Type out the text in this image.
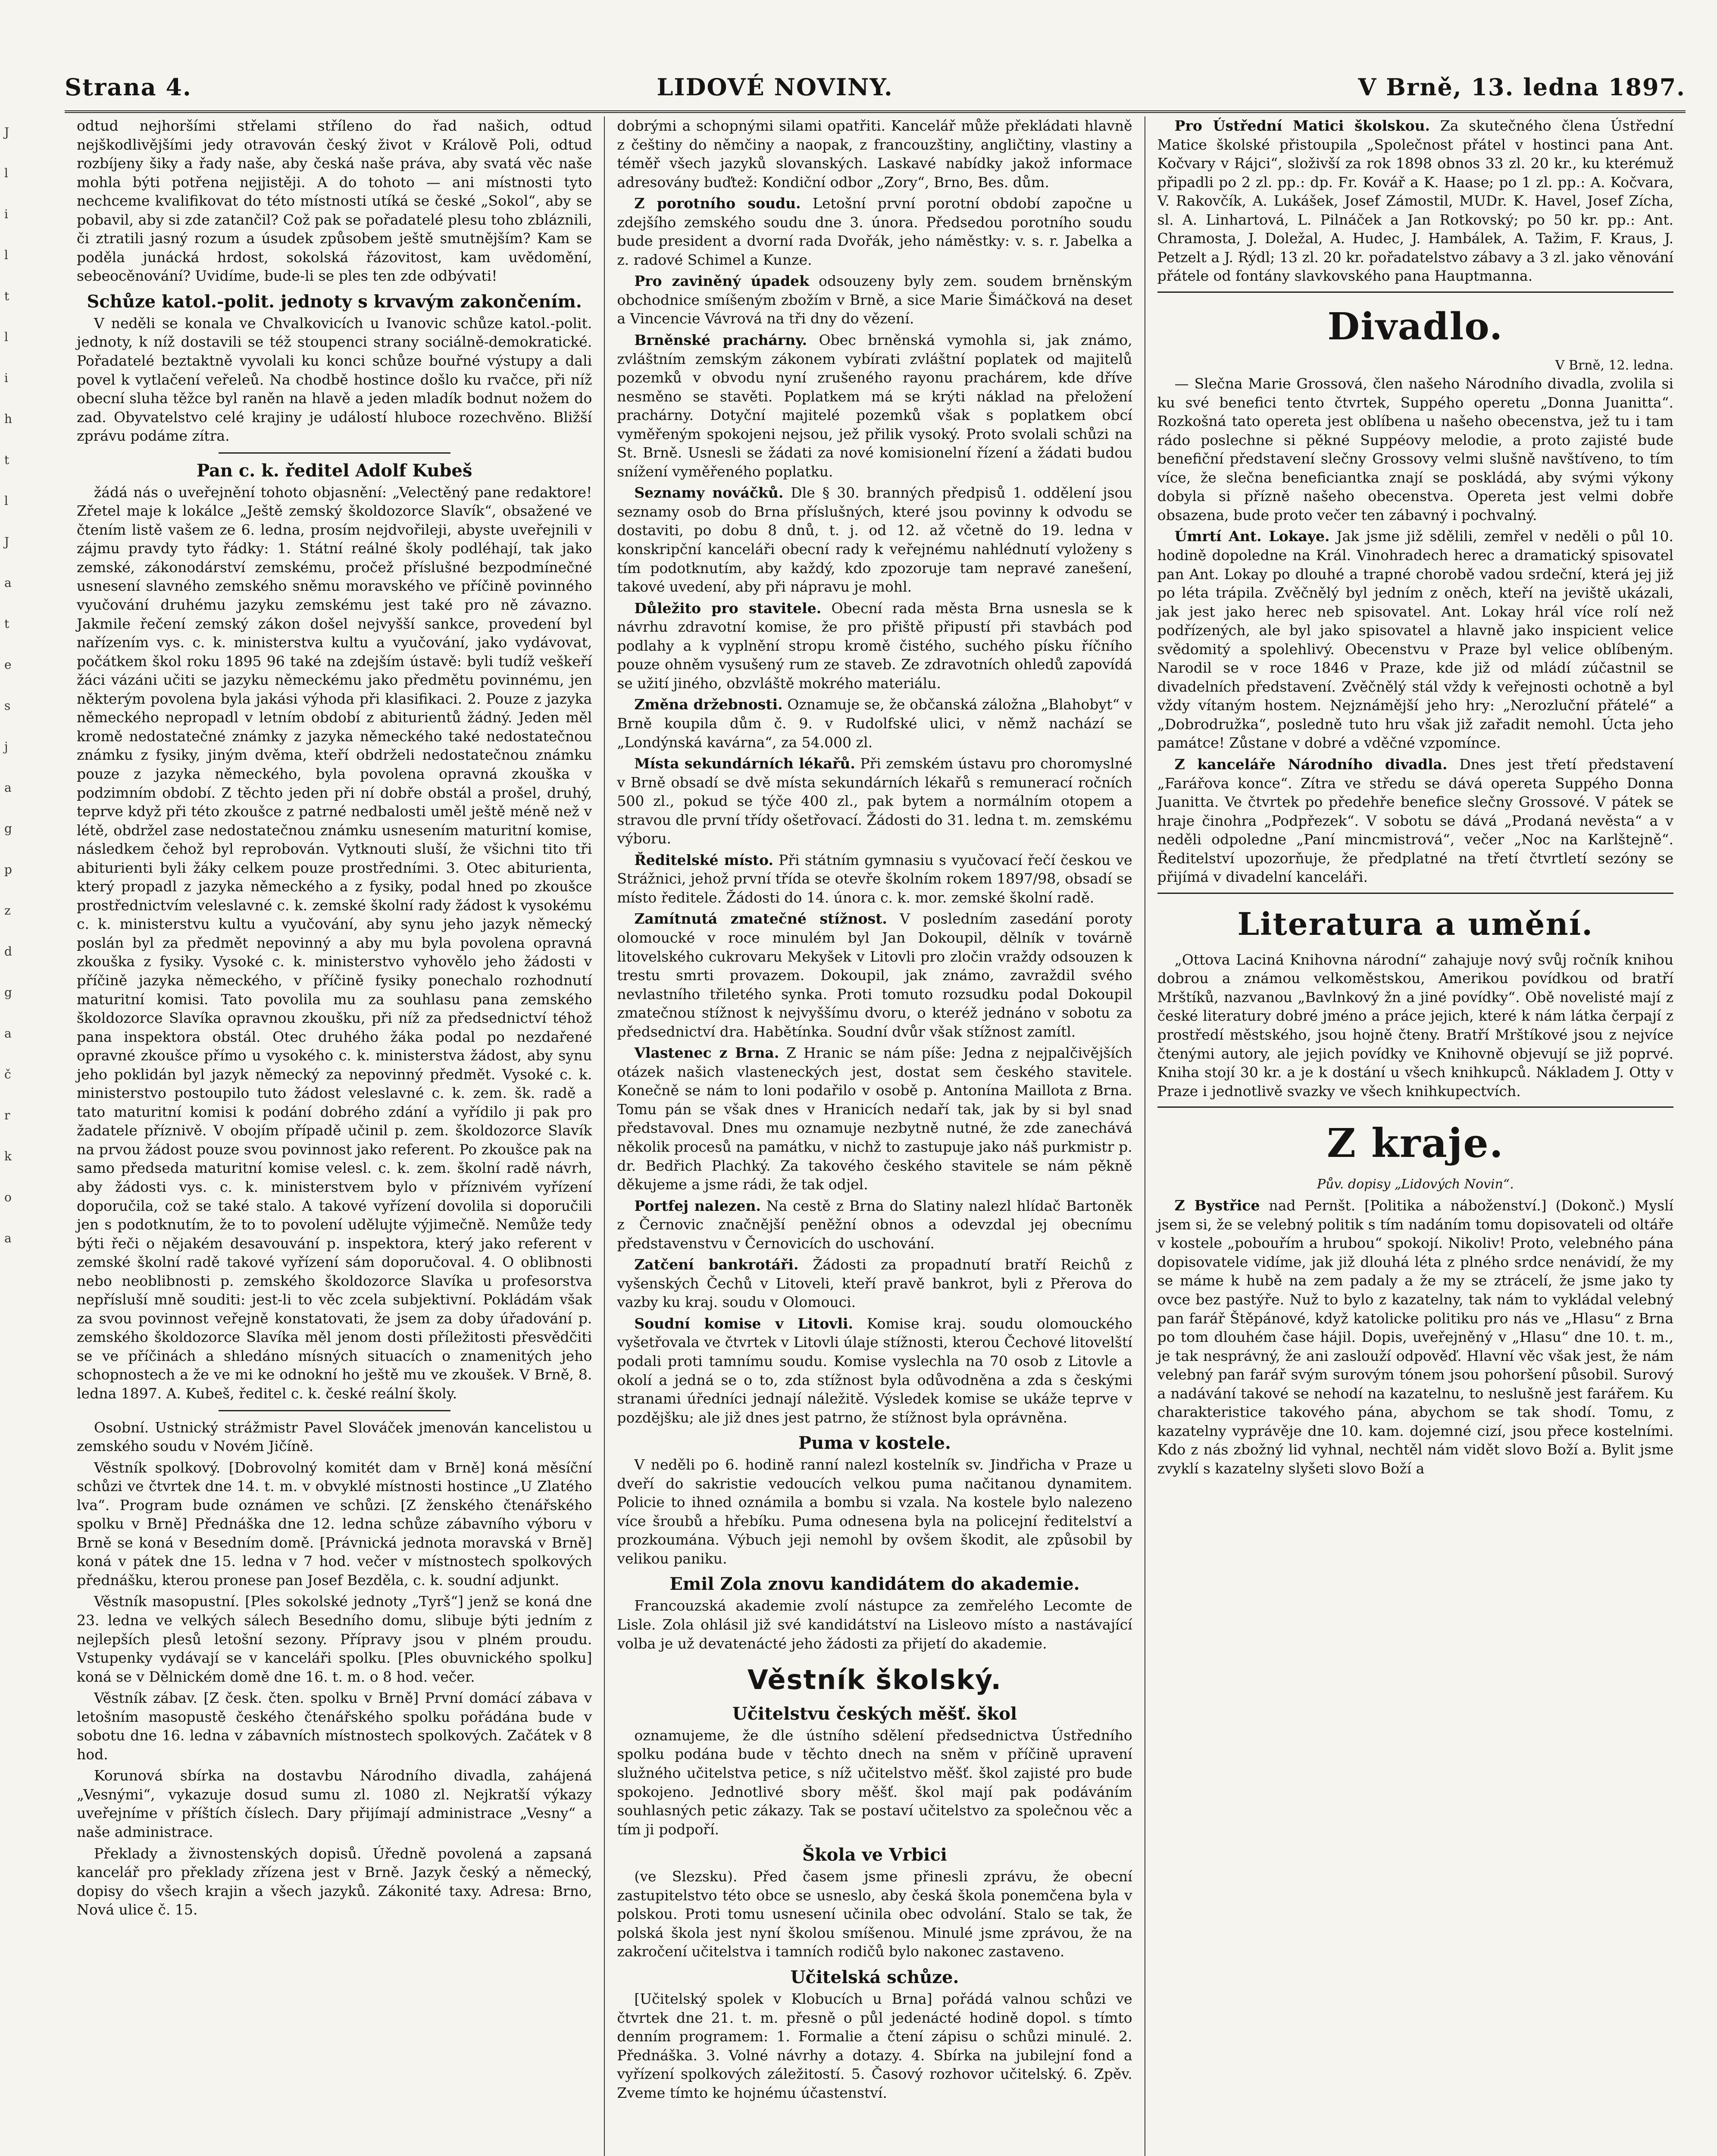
Strana 4.	LIDOVÉ NOVINY.	V Brně, 13. ledna 1897.

odtud nejhoršími střelami stříleno do řad našich, odtud nejškodlivějšími jedy otravován český život v Králově Poli, odtud rozbíjeny šiky a řady naše, aby česká naše práva, aby svatá věc naše mohla býti potřena nejjistěji. A do tohoto — ani místnosti tyto nechceme kvalifikovat do této místnosti utíká se české „Sokol“, aby se pobavil, aby si zde zatančil? Což pak se pořadatelé plesu toho zbláznili, či ztratili jasný rozum a úsudek způsobem ještě smutnějším? Kam se poděla junácká hrdost, sokolská řázovitost, kam uvědomění, sebeocěnování? Uvidíme, bude-li se ples ten zde odbývati!

Schůze katol.-polit. jednoty s krvavým zakončením.

V neděli se konala ve Chvalkovicích u Ivanovic schůze katol.-polit. jednoty, k níž dostavili se též stoupenci strany sociálně-demokratické. Pořadatelé beztaktně vyvolali ku konci schůze bouřné výstupy a dali povel k vytlačení veřeleů. Na chodbě hostince došlo ku rvačce, při níž obecní sluha těžce byl raněn na hlavě a jeden mladík bodnut nožem do zad. Obyvatelstvo celé krajiny je událostí hluboce rozechvěno. Bližší zprávu podáme zítra.

Pan c. k. ředitel Adolf Kubeš

žádá nás o uveřejnění tohoto objasnění: „Velectěný pane redaktore! Zřetel maje k lokálce „Ještě zemský školdozorce Slavík“, obsažené ve čtením listě vašem ze 6. ledna, prosím nejdvořileji, abyste uveřejnili v zájmu pravdy tyto řádky: 1. Státní reálné školy podléhají, tak jako zemské, zákonodárství zemskému, pročež příslušné bezpodmínečné usnesení slavného zemského sněmu moravského ve příčině povinného vyučování druhému jazyku zemskému jest také pro ně závazno. Jakmile řečení zemský zákon došel nejvyšší sankce, provedení byl nařízením vys. c. k. ministerstva kultu a vyučování, jako vydávovat, počátkem škol roku 1895 96 také na zdejším ústavě: byli tudíž veškeří žáci vázáni učiti se jazyku německému jako předmětu povinnému, jen některým povolena byla jakási výhoda při klasifikaci. 2. Pouze z jazyka německého nepropadl v letním období z abiturientů žádný. Jeden měl kromě nedostatečné známky z jazyka německého také nedostatečnou známku z fysiky, jiným dvěma, kteří obdrželi nedostatečnou známku pouze z jazyka německého, byla povolena opravná zkouška v podzimním období. Z těchto jeden při ní dobře obstál a prošel, druhý, teprve když při této zkoušce z patrné nedbalosti uměl ještě méně než v létě, obdržel zase nedostatečnou známku usnesením maturitní komise, následkem čehož byl reprobován. Vytknouti sluší, že všichni tito tři abiturienti byli žáky celkem pouze prostředními. 3. Otec abiturienta, který propadl z jazyka německého a z fysiky, podal hned po zkoušce prostřednictvím veleslavné c. k. zemské školní rady žádost k vysokému c. k. ministerstvu kultu a vyučování, aby synu jeho jazyk německý poslán byl za předmět nepovinný a aby mu byla povolena opravná zkouška z fysiky. Vysoké c. k. ministerstvo vyhovělo jeho žádosti v příčině jazyka německého, v příčině fysiky ponechalo rozhodnutí maturitní komisi. Tato povolila mu za souhlasu pana zemského školdozorce Slavíka opravnou zkoušku, při níž za předsednictví téhož pana inspektora obstál. Otec druhého žáka podal po nezdařené opravné zkoušce přímo u vysokého c. k. ministerstva žádost, aby synu jeho poklidán byl jazyk německý za nepovinný předmět. Vysoké c. k. ministerstvo postoupilo tuto žádost veleslavné c. k. zem. šk. radě a tato maturitní komisi k podání dobrého zdání a vyřídilo ji pak pro žadatele příznivě. V obojím případě učinil p. zem. školdozorce Slavík na prvou žádost pouze svou povinnost jako referent. Po zkoušce pak na samo předseda maturitní komise velesl. c. k. zem. školní radě návrh, aby žádosti vys. c. k. ministerstvem bylo v příznivém vyřízení doporučila, což se také stalo. A takové vyřízení dovolila si doporučili jen s podotknutím, že to to povolení udělujte výjimečně. Nemůže tedy býti řeči o nějakém desavouvání p. inspektora, který jako referent v zemské školní radě takové vyřízení sám doporučoval. 4. O oblibnosti nebo neoblibnosti p. zemského školdozorce Slavíka u profesorstva nepřísluší mně souditi: jest-li to věc zcela subjektivní. Pokládám však za svou povinnost veřejně konstatovati, že jsem za doby úřadování p. zemského školdozorce Slavíka měl jenom dosti příležitosti přesvědčiti se ve příčinách a shledáno mísných situacích o znamenitých jeho schopnostech a že ve mi ke odnokní ho ještě mu ve zkoušek. V Brně, 8. ledna 1897. A. Kubeš, ředitel c. k. české reální školy.

Osobní. Ustnický strážmistr Pavel Slováček jmenován kancelistou u zemského soudu v Novém Jičíně.

Věstník spolkový. [Dobrovolný komitét dam v Brně] koná měsíční schůzi ve čtvrtek dne 14. t. m. v obvyklé místnosti hostince „U Zlatého lva“. Program bude oznámen ve schůzi. [Z ženského čtenářského spolku v Brně] Přednáška dne 12. ledna schůze zábavního výboru v Brně se koná v Besedním domě. [Právnická jednota moravská v Brně] koná v pátek dne 15. ledna v 7 hod. večer v místnostech spolkových přednášku, kterou pronese pan Josef Bezděla, c. k. soudní adjunkt.

Věstník masopustní. [Ples sokolské jednoty „Tyrš“] jenž se koná dne 23. ledna ve velkých sálech Besedního domu, slibuje býti jedním z nejlepších plesů letošní sezony. Přípravy jsou v plném proudu. Vstupenky vydávají se v kanceláři spolku. [Ples obuvnického spolku] koná se v Dělnickém domě dne 16. t. m. o 8 hod. večer.

Věstník zábav. [Z česk. čten. spolku v Brně] První domácí zábava v letošním masopustě českého čtenářského spolku pořádána bude v sobotu dne 16. ledna v zábavních místnostech spolkových. Začátek v 8 hod.

Korunová sbírka na dostavbu Národního divadla, zahájená „Vesnými“, vykazuje dosud sumu zl. 1080 zl. Nejkratší výkazy uveřejníme v příštích číslech. Dary přijímají administrace „Vesny“ a naše administrace.

Překlady a živnostenských dopisů. Úředně povolená a zapsaná kancelář pro překlady zřízena jest v Brně. Jazyk český a německý, dopisy do všech krajin a všech jazyků. Zákonité taxy. Adresa: Brno, Nová ulice č. 15.

dobrými a schopnými silami opatřiti. Kancelář může překládati hlavně z češtiny do němčiny a naopak, z francouzštiny, angličtiny, vlastiny a téměř všech jazyků slovanských. Laskavé nabídky jakož informace adresovány buďtež: Kondiční odbor „Zory“, Brno, Bes. dům.

Z porotního soudu. Letošní první porotní období započne u zdejšího zemského soudu dne 3. února. Předsedou porotního soudu bude president a dvorní rada Dvořák, jeho náměstky: v. s. r. Jabelka a z. radové Schimel a Kunze.

Pro zaviněný úpadek odsouzeny byly zem. soudem brněnským obchodnice smíšeným zbožím v Brně, a sice Marie Šimáčková na deset a Vincencie Vávrová na tři dny do vězení.

Brněnské prachárny. Obec brněnská vymohla si, jak známo, zvláštním zemským zákonem vybírati zvláštní poplatek od majitelů pozemků v obvodu nyní zrušeného rayonu prachárem, kde dříve nesměno se stavěti. Poplatkem má se krýti náklad na přeložení prachárny. Dotyční majitelé pozemků však s poplatkem obcí vyměřeným spokojeni nejsou, jež přilik vysoký. Proto svolali schůzi na St. Brně. Usnesli se žádati za nové komisionelní řízení a žádati budou snížení vyměřeného poplatku.

Seznamy nováčků. Dle § 30. branných předpisů 1. oddělení jsou seznamy osob do Brna příslušných, které jsou povinny k odvodu se dostaviti, po dobu 8 dnů, t. j. od 12. až včetně do 19. ledna v konskripční kanceláři obecní rady k veřejnému nahlédnutí vyloženy s tím podotknutím, aby každý, kdo zpozoruje tam nepravé zanešení, takové uvedení, aby při nápravu je mohl.

Důležito pro stavitele. Obecní rada města Brna usnesla se k návrhu zdravotní komise, že pro přiště připustí při stavbách pod podlahy a k vyplnění stropu kromě čistého, suchého písku říčního pouze ohněm vysušený rum ze staveb. Ze zdravotních ohledů zapovídá se užití jiného, obzvláště mokrého materiálu.

Změna držebnosti. Oznamuje se, že občanská záložna „Blahobyt“ v Brně koupila dům č. 9. v Rudolfské ulici, v němž nachází se „Londýnská kavárna“, za 54.000 zl.

Místa sekundárních lékařů. Při zemském ústavu pro choromyslné v Brně obsadí se dvě místa sekundárních lékařů s remunerací ročních 500 zl., pokud se týče 400 zl., pak bytem a normálním otopem a stravou dle první třídy ošetřovací. Žádosti do 31. ledna t. m. zemskému výboru.

Ředitelské místo. Při státním gymnasiu s vyučovací řečí českou ve Strážnici, jehož první třída se otevře školním rokem 1897/98, obsadí se místo ředitele. Žádosti do 14. února c. k. mor. zemské školní radě.

Zamítnutá zmatečné stížnost. V posledním zasedání poroty olomoucké v roce minulém byl Jan Dokoupil, dělník v továrně litovelského cukrovaru Mekyšek v Litovli pro zločin vraždy odsouzen k trestu smrti provazem. Dokoupil, jak známo, zavraždil svého nevlastního třiletého synka. Proti tomuto rozsudku podal Dokoupil zmatečnou stížnost k nejvyššímu dvoru, o kteréž jednáno v sobotu za předsednictví dra. Habětínka. Soudní dvůr však stížnost zamítl.

Vlastenec z Brna. Z Hranic se nám píše: Jedna z nejpalčivějších otázek našich vlasteneckých jest, dostat sem českého stavitele. Konečně se nám to loni podařilo v osobě p. Antonína Maillota z Brna. Tomu pán se však dnes v Hranicích nedaří tak, jak by si byl snad představoval. Dnes mu oznamuje nezbytně nutné, že zde zanechává několik procesů na památku, v nichž to zastupuje jako náš purkmistr p. dr. Bedřich Plachký. Za takového českého stavitele se nám pěkně děkujeme a jsme rádi, že tak odjel.

Portfej nalezen. Na cestě z Brna do Slatiny nalezl hlídač Bartoněk z Černovic značnější peněžní obnos a odevzdal jej obecnímu představenstvu v Černovicích do uschování.

Zatčení bankrotáři. Žádosti za propadnutí bratří Reichů z vyšenských Čechů v Litoveli, kteří pravě bankrot, byli z Přerova do vazby ku kraj. soudu v Olomouci.

Soudní komise v Litovli. Komise kraj. soudu olomouckého vyšetřovala ve čtvrtek v Litovli úlaje stížnosti, kterou Čechové litovelští podali proti tamnímu soudu. Komise vyslechla na 70 osob z Litovle a okolí a jedná se o to, zda stížnost byla odůvodněna a zda s českými stranami úředníci jednají náležitě. Výsledek komise se ukáže teprve v pozdějšku; ale již dnes jest patrno, že stížnost byla oprávněna.

Puma v kostele.

V neděli po 6. hodině ranní nalezl kostelník sv. Jindřicha v Praze u dveří do sakristie vedoucích velkou puma načitanou dynamitem. Policie to ihned oznámila a bombu si vzala. Na kostele bylo nalezeno více šroubů a hřebíku. Puma odnesena byla na policejní ředitelství a prozkoumána. Výbuch jeji nemohl by ovšem škodit, ale způsobil by velikou paniku.

Emil Zola znovu kandidátem do akademie.

Francouzská akademie zvolí nástupce za zemřelého Lecomte de Lisle. Zola ohlásil již své kandidátství na Lisleovo místo a nastávající volba je už devatenácté jeho žádosti za přijetí do akademie.

Věstník školský.
Učitelstvu českých měšť. škol

oznamujeme, že dle ústního sdělení předsednictva Ústředního spolku podána bude v těchto dnech na sněm v příčině upravení služného učitelstva petice, s níž učitelstvo měšť. škol zajisté pro bude spokojeno. Jednotlivé sbory měšť. škol mají pak podáváním souhlasných petic zákazy. Tak se postaví učitelstvo za společnou věc a tím ji podpoří.

Škola ve Vrbici

(ve Slezsku). Před časem jsme přinesli zprávu, že obecní zastupitelstvo této obce se usneslo, aby česká škola ponemčena byla v polskou. Proti tomu usnesení učinila obec odvolání. Stalo se tak, že polská škola jest nyní školou smíšenou. Minulé jsme zprávou, že na zakročení učitelstva i tamních rodičů bylo nakonec zastaveno.

Učitelská schůze.

[Učitelský spolek v Klobucích u Brna] pořádá valnou schůzi ve čtvrtek dne 21. t. m. přesně o půl jedenácté hodině dopol. s tímto denním programem: 1. Formalie a čtení zápisu o schůzi minulé. 2. Přednáška. 3. Volné návrhy a dotazy. 4. Sbírka na jubilejní fond a vyřízení spolkových záležitostí. 5. Časový rozhovor učitelský. 6. Zpěv. Zveme tímto ke hojnému účastenství.

Pro Ústřední Matici školskou. Za skutečného člena Ústřední Matice školské přistoupila „Společnost přátel v hostinci pana Ant. Kočvary v Rájci“, složivší za rok 1898 obnos 33 zl. 20 kr., ku kterémuž připadli po 2 zl. pp.: dp. Fr. Kovář a K. Haase; po 1 zl. pp.: A. Kočvara, V. Rakovčík, A. Lukášek, Josef Zámostil, MUDr. K. Havel, Josef Zícha, sl. A. Linhartová, L. Pilnáček a Jan Rotkovský; po 50 kr. pp.: Ant. Chramosta, J. Doležal, A. Hudec, J. Hambálek, A. Tažim, F. Kraus, J. Petzelt a J. Rýdl; 13 zl. 20 kr. pořadatelstvo zábavy a 3 zl. jako věnování přátele od fontány slavkovského pana Hauptmanna.

Divadlo.
V Brně, 12. ledna.

— Slečna Marie Grossová, člen našeho Národního divadla, zvolila si ku své benefici tento čtvrtek, Suppého operetu „Donna Juanitta“. Rozkošná tato opereta jest oblíbena u našeho obecenstva, jež tu i tam rádo poslechne si pěkné Suppéovy melodie, a proto zajisté bude benefiční představení slečny Grossovy velmi slušně navštíveno, to tím více, že slečna beneficiantka znají se poskládá, aby svými výkony dobyla si přízně našeho obecenstva. Opereta jest velmi dobře obsazena, bude proto večer ten zábavný i pochvalný.

Úmrtí Ant. Lokaye. Jak jsme již sdělili, zemřel v neděli o půl 10. hodině dopoledne na Král. Vinohradech herec a dramatický spisovatel pan Ant. Lokay po dlouhé a trapné chorobě vadou srdeční, která jej již po léta trápila. Zvěčnělý byl jedním z oněch, kteří na jeviště ukázali, jak jest jako herec neb spisovatel. Ant. Lokay hrál více rolí než podřízených, ale byl jako spisovatel a hlavně jako inspicient velice svědomitý a spolehlivý. Obecenstvu v Praze byl velice oblíbeným. Narodil se v roce 1846 v Praze, kde již od mládí zúčastnil se divadelních představení. Zvěčnělý stál vždy k veřejnosti ochotně a byl vždy vítaným hostem. Nejznámější jeho hry: „Nerozluční přátelé“ a „Dobrodružka“, posledně tuto hru však již zařadit nemohl. Úcta jeho památce! Zůstane v dobré a vděčné vzpomínce.

Z kanceláře Národního divadla. Dnes jest třetí představení „Farářova konce“. Zítra ve středu se dává opereta Suppého Donna Juanitta. Ve čtvrtek po předehře benefice slečny Grossové. V pátek se hraje činohra „Podpřezek“. V sobotu se dává „Prodaná nevěsta“ a v neděli odpoledne „Paní mincmistrová“, večer „Noc na Karlštejně“. Ředitelství upozorňuje, že předplatné na třetí čtvrtletí sezóny se přijímá v divadelní kanceláři.

Literatura a umění.

„Ottova Laciná Knihovna národní“ zahajuje nový svůj ročník knihou dobrou a známou velkoměstskou, Amerikou povídkou od bratří Mrštíků, nazvanou „Bavlnkový žn a jiné povídky“. Obě novelisté mají z české literatury dobré jméno a práce jejich, které k nám látka čerpají z prostředí městského, jsou hojně čteny. Bratří Mrštíkové jsou z nejvíce čtenými autory, ale jejich povídky ve Knihovně objevují se již poprvé. Kniha stojí 30 kr. a je k dostání u všech knihkupců. Nákladem J. Otty v Praze i jednotlivě svazky ve všech knihkupectvích.

Z kraje.
Pův. dopisy „Lidových Novin“.

Z Bystřice nad Pernšt. [Politika a náboženství.] (Dokonč.) Myslí jsem si, že se velebný politik s tím nadáním tomu dopisovateli od oltáře v kostele „pobouřím a hrubou“ spokojí. Nikoliv! Proto, velebného pána dopisovatele vidíme, jak již dlouhá léta z plného srdce nenávidí, že my se máme k hubě na zem padaly a že my se ztrácelí, že jsme jako ty ovce bez pastýře. Nuž to bylo z kazatelny, tak nám to vykládal velebný pan farář Štěpánové, když katolicke politiku pro nás ve „Hlasu“ z Brna po tom dlouhém čase hájil. Dopis, uveřejněný v „Hlasu“ dne 10. t. m., je tak nesprávný, že ani zaslouží odpověď. Hlavní věc však jest, že nám velebný pan farář svým surovým tónem jsou pohoršení působil. Surový a nadávání takové se nehodí na kazatelnu, to neslušně jest farářem. Ku charakteristice takového pána, abychom se tak shodí. Tomu, z kazatelny vyprávěje dne 10. kam. dojemné cizí, jsou přece kostelními. Kdo z nás zbožný lid vyhnal, nechtěl nám vidět slovo Boží a. Bylit jsme zvyklí s kazatelny slyšeti slovo Boží a

J
l
i
l
t
l
i
h
t
l
J
a
t
e
s
j
a
g
p
z
d
g
a
č
r
k
o
a
